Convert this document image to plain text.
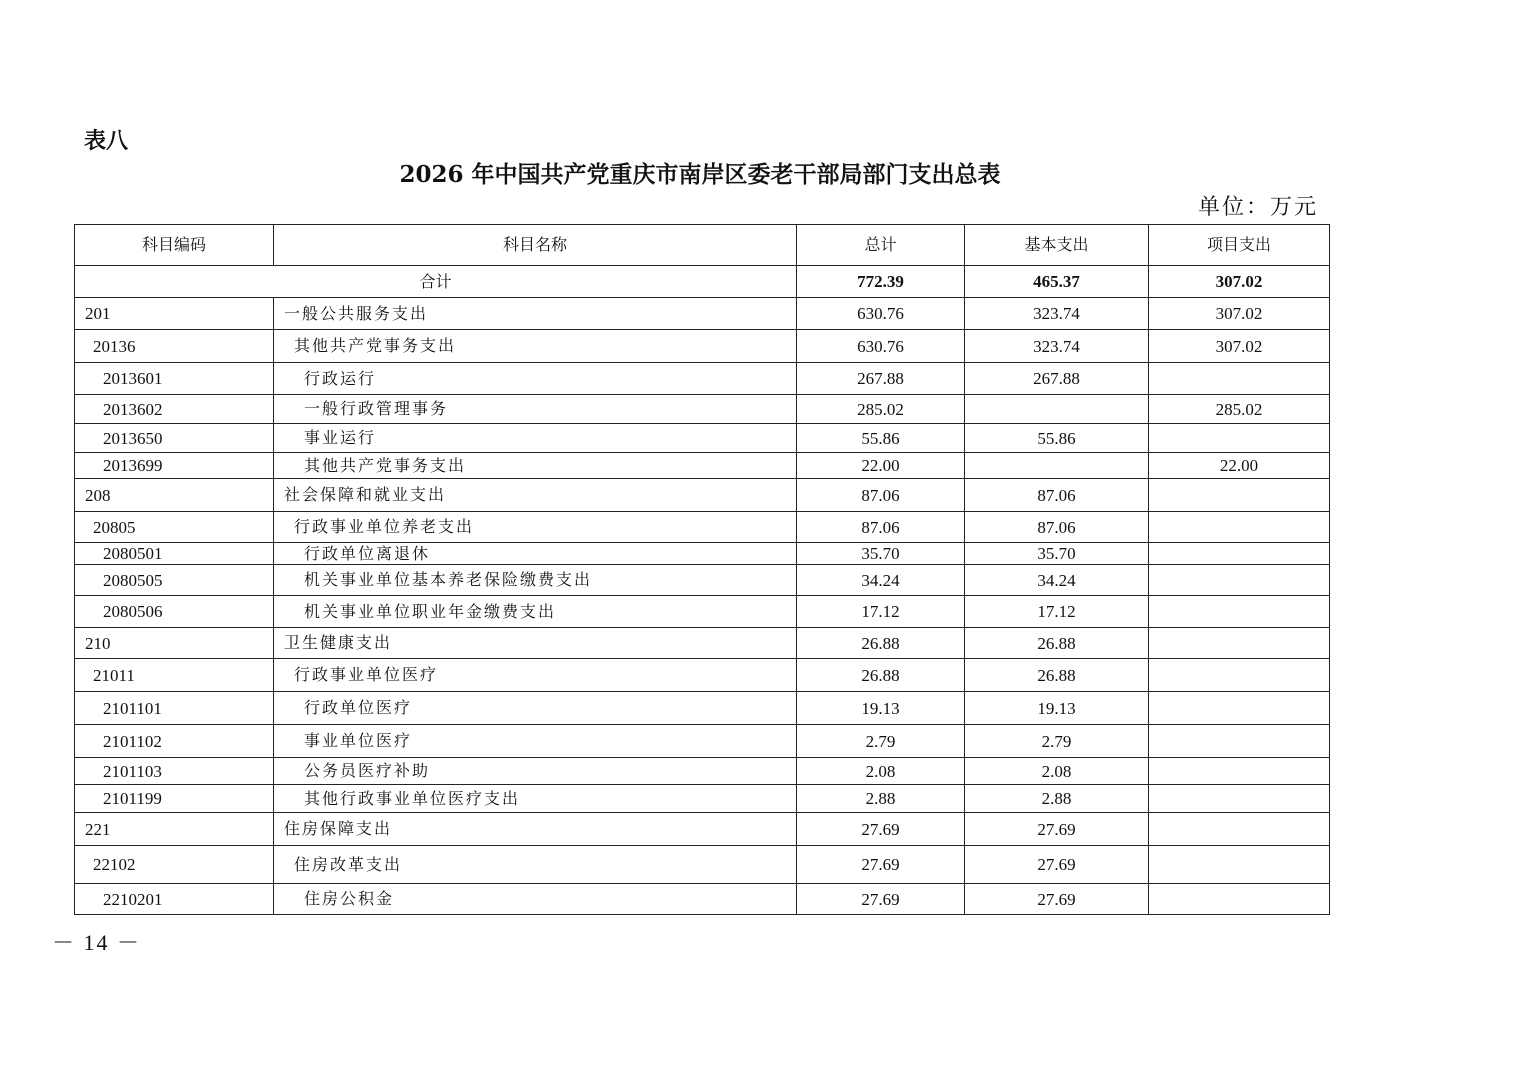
表八
2026 年中国共产党重庆市南岸区委老干部局部门支出总表
单位：万元
科目编码	科目名称	总计	基本支出	项目支出
合计		772.39	465.37	307.02
201	一般公共服务支出	630.76	323.74	307.02
20136	其他共产党事务支出	630.76	323.74	307.02
2013601	行政运行	267.88	267.88	
2013602	一般行政管理事务	285.02		285.02
2013650	事业运行	55.86	55.86	
2013699	其他共产党事务支出	22.00		22.00
208	社会保障和就业支出	87.06	87.06	
20805	行政事业单位养老支出	87.06	87.06	
2080501	行政单位离退休	35.70	35.70	
2080505	机关事业单位基本养老保险缴费支出	34.24	34.24	
2080506	机关事业单位职业年金缴费支出	17.12	17.12	
210	卫生健康支出	26.88	26.88	
21011	行政事业单位医疗	26.88	26.88	
2101101	行政单位医疗	19.13	19.13	
2101102	事业单位医疗	2.79	2.79	
2101103	公务员医疗补助	2.08	2.08	
2101199	其他行政事业单位医疗支出	2.88	2.88	
221	住房保障支出	27.69	27.69	
22102	住房改革支出	27.69	27.69	
2210201	住房公积金	27.69	27.69	
－ 14 －
